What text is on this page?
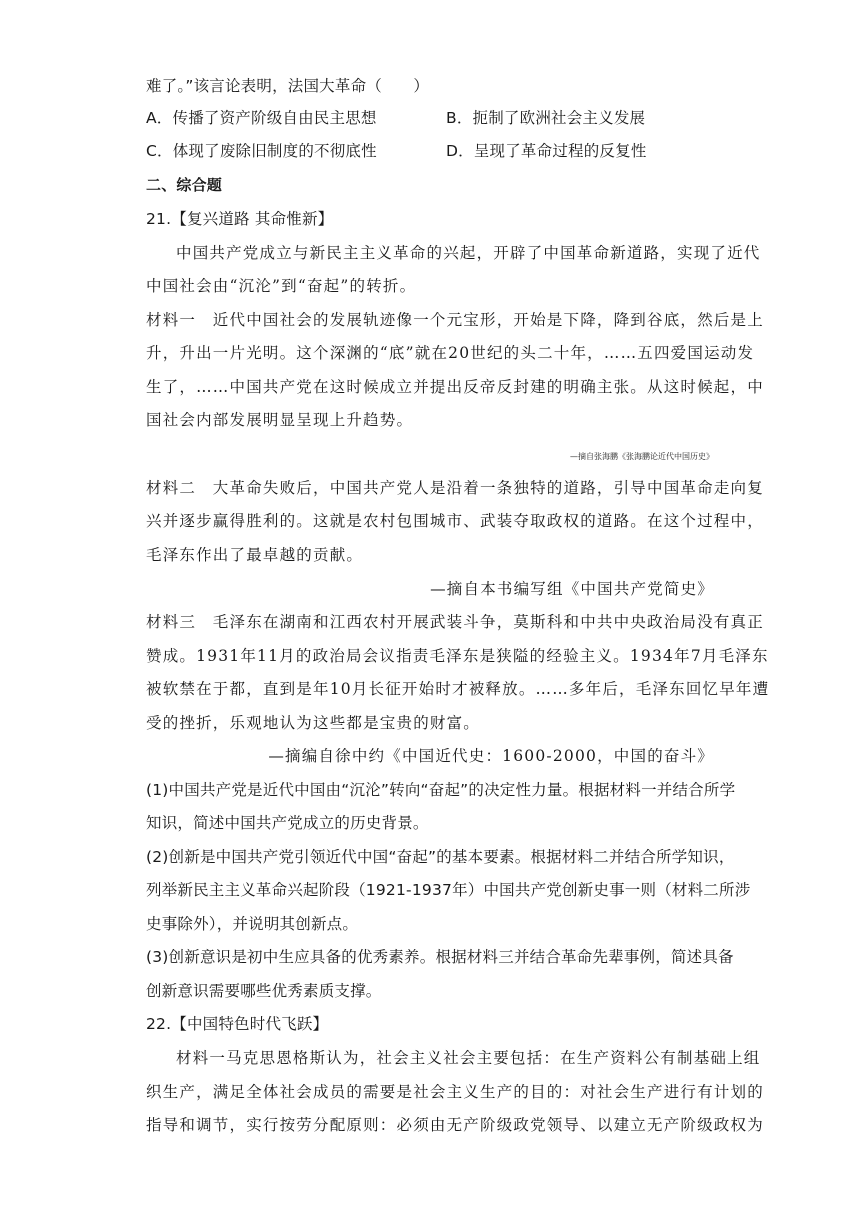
难了。”该言论表明，法国大革命（　　）
A．传播了资产阶级自由民主思想	B．扼制了欧洲社会主义发展
C．体现了废除旧制度的不彻底性	D．呈现了革命过程的反复性
二、综合题
21.【复兴道路 其命惟新】
中国共产党成立与新民主主义革命的兴起，开辟了中国革命新道路，实现了近代
中国社会由“沉沦”到“奋起”的转折。
材料一　近代中国社会的发展轨迹像一个元宝形，开始是下降，降到谷底，然后是上
升，升出一片光明。这个深渊的“底”就在20世纪的头二十年，……五四爱国运动发
生了，……中国共产党在这时候成立并提出反帝反封建的明确主张。从这时候起，中
国社会内部发展明显呈现上升趋势。
—摘自张海鹏《张海鹏论近代中国历史》
材料二　大革命失败后，中国共产党人是沿着一条独特的道路，引导中国革命走向复
兴并逐步赢得胜利的。这就是农村包围城市、武装夺取政权的道路。在这个过程中，
毛泽东作出了最卓越的贡献。
—摘自本书编写组《中国共产党简史》
材料三　毛泽东在湖南和江西农村开展武装斗争，莫斯科和中共中央政治局没有真正
赞成。1931年11月的政治局会议指责毛泽东是狭隘的经验主义。1934年7月毛泽东
被软禁在于都，直到是年10月长征开始时才被释放。……多年后，毛泽东回忆早年遭
受的挫折，乐观地认为这些都是宝贵的财富。
—摘编自徐中约《中国近代史：1600-2000，中国的奋斗》
(1)中国共产党是近代中国由“沉沦”转向“奋起”的决定性力量。根据材料一并结合所学
知识，简述中国共产党成立的历史背景。
(2)创新是中国共产党引领近代中国“奋起”的基本要素。根据材料二并结合所学知识，
列举新民主主义革命兴起阶段（1921-1937年）中国共产党创新史事一则（材料二所涉
史事除外），并说明其创新点。
(3)创新意识是初中生应具备的优秀素养。根据材料三并结合革命先辈事例，简述具备
创新意识需要哪些优秀素质支撑。
22.【中国特色时代飞跃】
材料一马克思恩格斯认为，社会主义社会主要包括：在生产资料公有制基础上组
织生产，满足全体社会成员的需要是社会主义生产的目的：对社会生产进行有计划的
指导和调节，实行按劳分配原则：必须由无产阶级政党领导、以建立无产阶级政权为
